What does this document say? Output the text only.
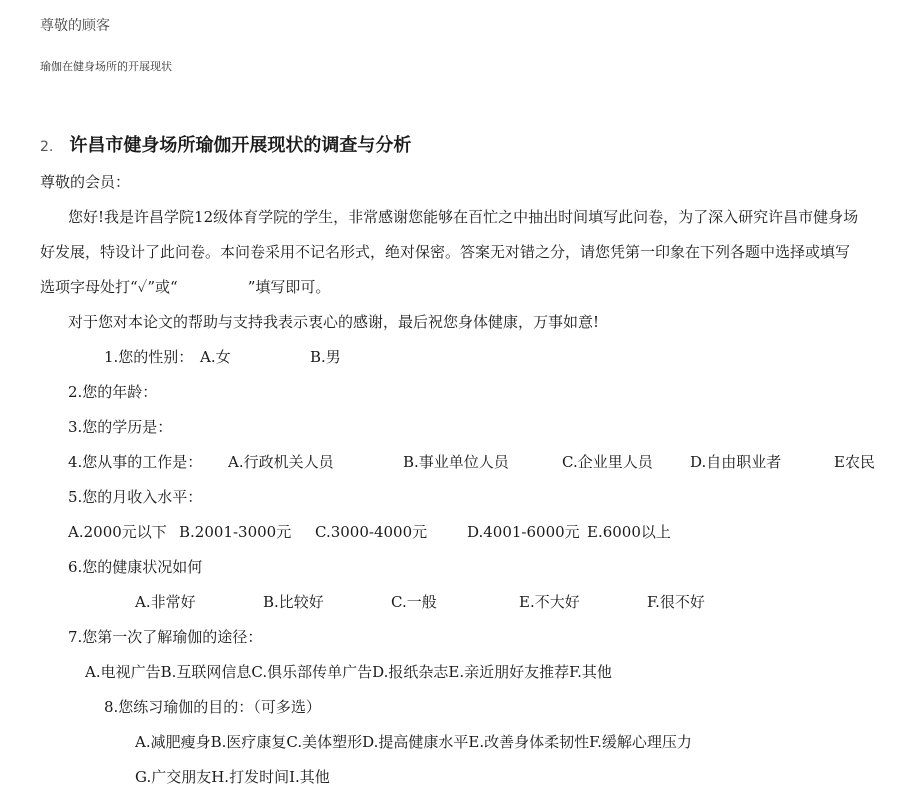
尊敬的顾客
瑜伽在健身场所的开展现状
2. 许昌市健身场所瑜伽开展现状的调查与分析
尊敬的会员：
您好!我是许昌学院12级体育学院的学生，非常感谢您能够在百忙之中抽出时间填写此问卷，为了深入研究许昌市健身场
好发展，特设计了此问卷。本问卷采用不记名形式，绝对保密。答案无对错之分，请您凭第一印象在下列各题中选择或填写
选项字母处打“✓”或“	”填写即可。
对于您对本论文的帮助与支持我表示衷心的感谢，最后祝您身体健康，万事如意!
1.您的性别： A.女	B.男
2.您的年龄：
3.您的学历是：
4.您从事的工作是： A.行政机关人员	B.事业单位人员	C.企业里人员 D.自由职业者	E农民
5.您的月收入水平：
A.2000元以下 B.2001-3000元 C.3000-4000元	D.4001-6000元 E.6000以上
6.您的健康状况如何
A.非常好	B.比较好	C.一般	E.不大好	F.很不好
7.您第一次了解瑜伽的途径：
A.电视广告B.互联网信息C.俱乐部传单广告D.报纸杂志E.亲近朋好友推荐F.其他
8.您练习瑜伽的目的：（可多选）
A.减肥瘦身B.医疗康复C.美体塑形D.提高健康水平E.改善身体柔韧性F.缓解心理压力
G.广交朋友H.打发时间I.其他
